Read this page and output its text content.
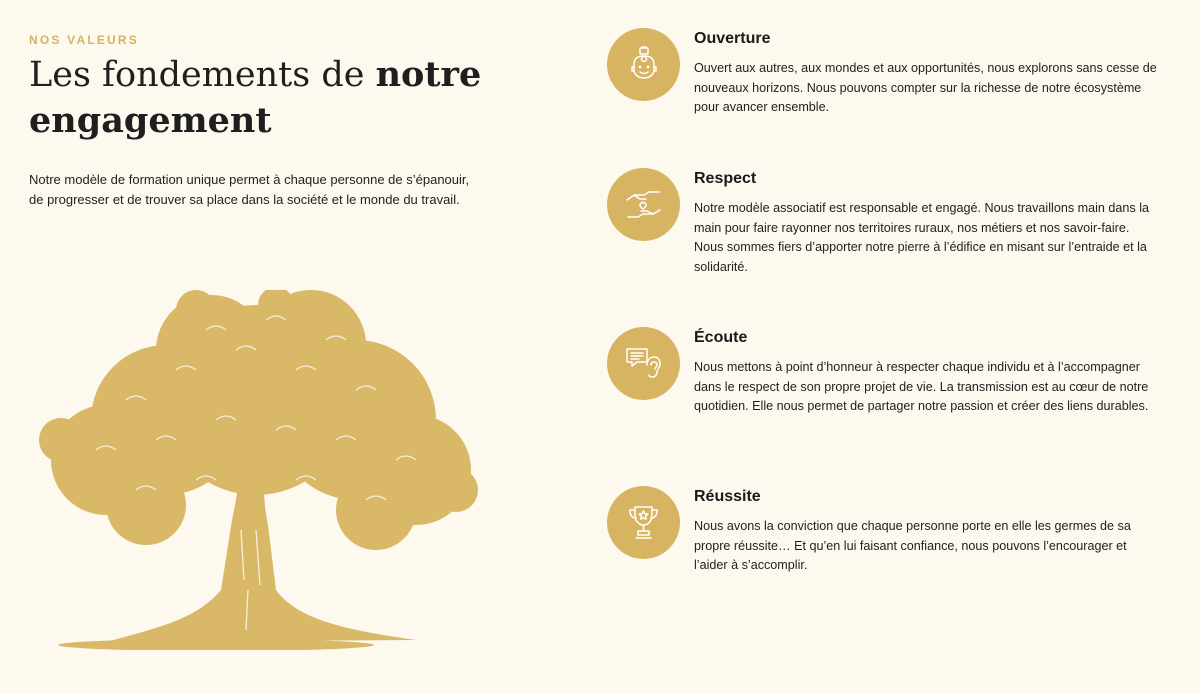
NOS VALEURS
Les fondements de notre engagement

Notre modèle de formation unique permet à chaque personne de s’épanouir, de progresser et de trouver sa place dans la société et le monde du travail.

Ouverture

Ouvert aux autres, aux mondes et aux opportunités, nous explorons sans cesse de nouveaux horizons. Nous pouvons compter sur la richesse de notre écosystème pour avancer ensemble.

Respect

Notre modèle associatif est responsable et engagé. Nous travaillons main dans la main pour faire rayonner nos territoires ruraux, nos métiers et nos savoir-faire. Nous sommes fiers d’apporter notre pierre à l’édifice en misant sur l’entraide et la solidarité.

Écoute

Nous mettons à point d’honneur à respecter chaque individu et à l’accompagner dans le respect de son propre projet de vie. La transmission est au cœur de notre quotidien. Elle nous permet de partager notre passion et créer des liens durables.

Réussite

Nous avons la conviction que chaque personne porte en elle les germes de sa propre réussite… Et qu’en lui faisant confiance, nous pouvons l’encourager et l’aider à s’accomplir.
